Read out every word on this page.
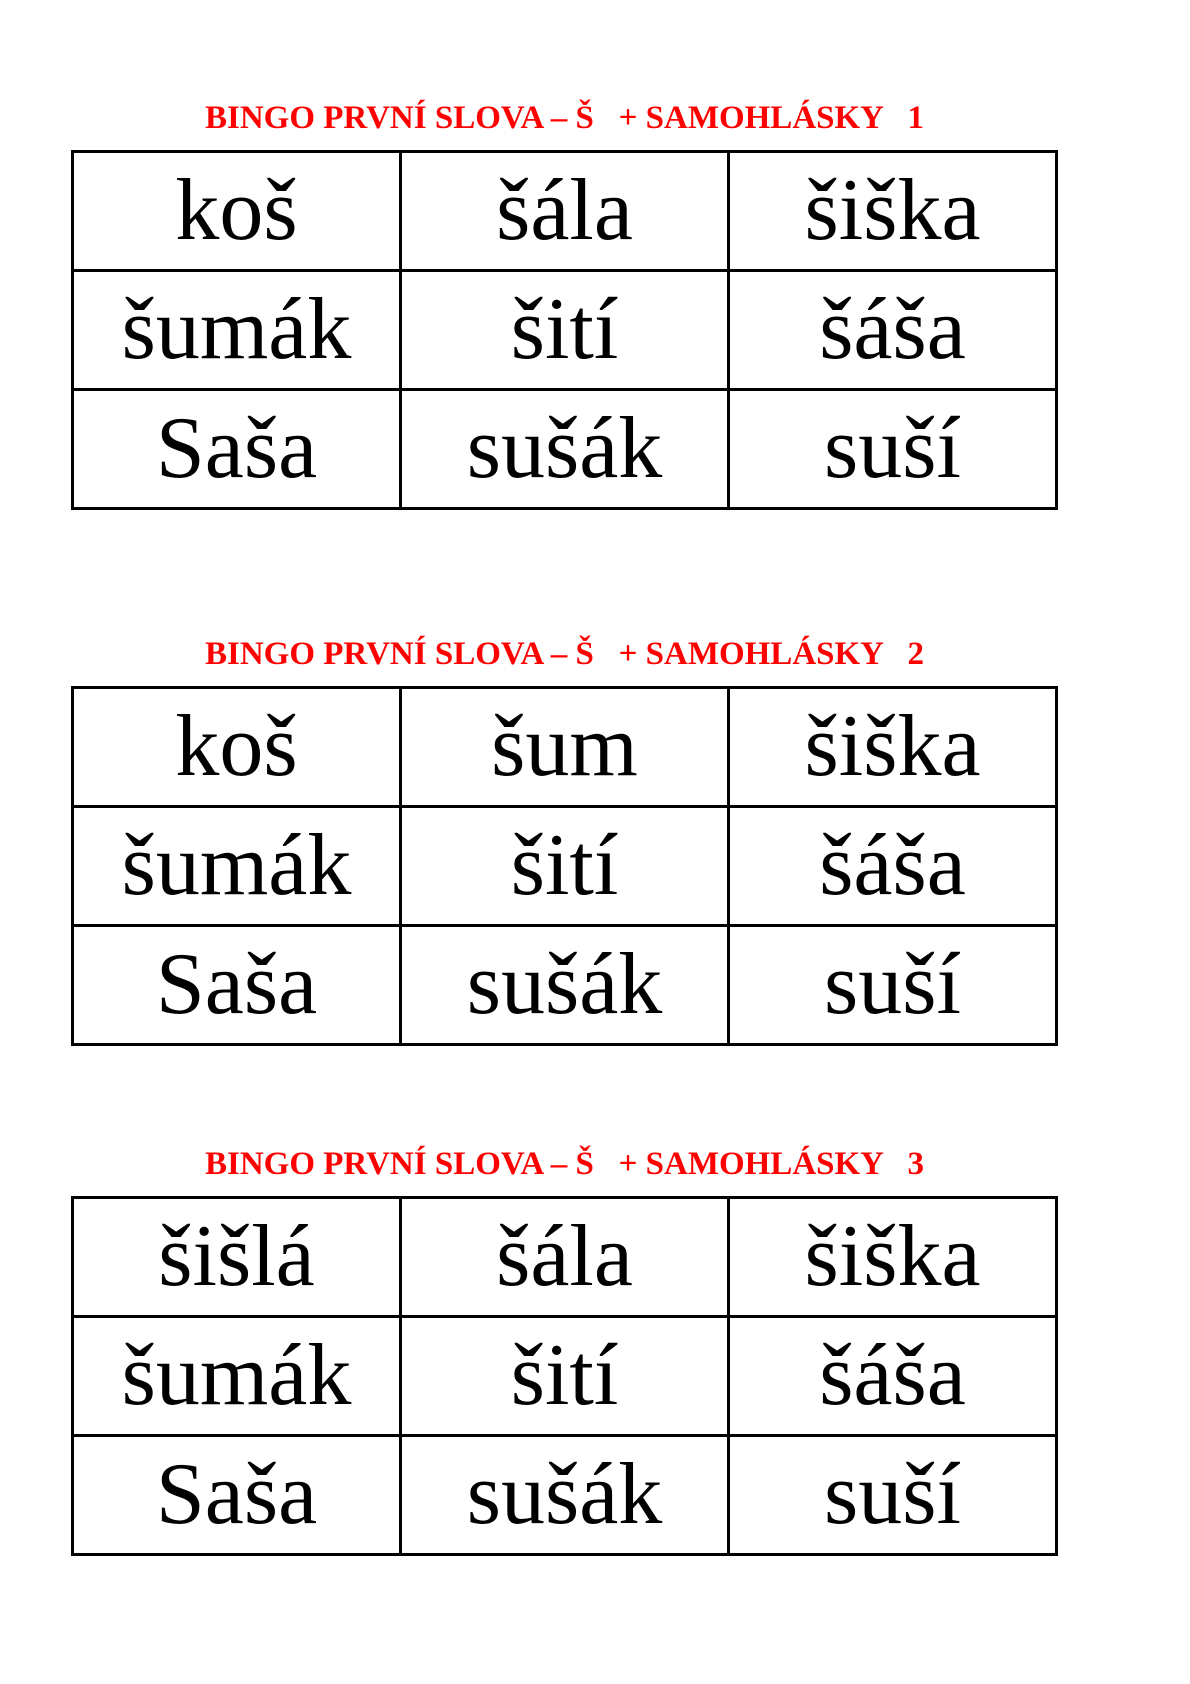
BINGO PRVNÍ SLOVA – Š   + SAMOHLÁSKY   1
koš	šála	šiška
šumák	šití	šáša
Saša	sušák	suší
BINGO PRVNÍ SLOVA – Š   + SAMOHLÁSKY   2
koš	šum	šiška
šumák	šití	šáša
Saša	sušák	suší
BINGO PRVNÍ SLOVA – Š   + SAMOHLÁSKY   3
šišlá	šála	šiška
šumák	šití	šáša
Saša	sušák	suší
